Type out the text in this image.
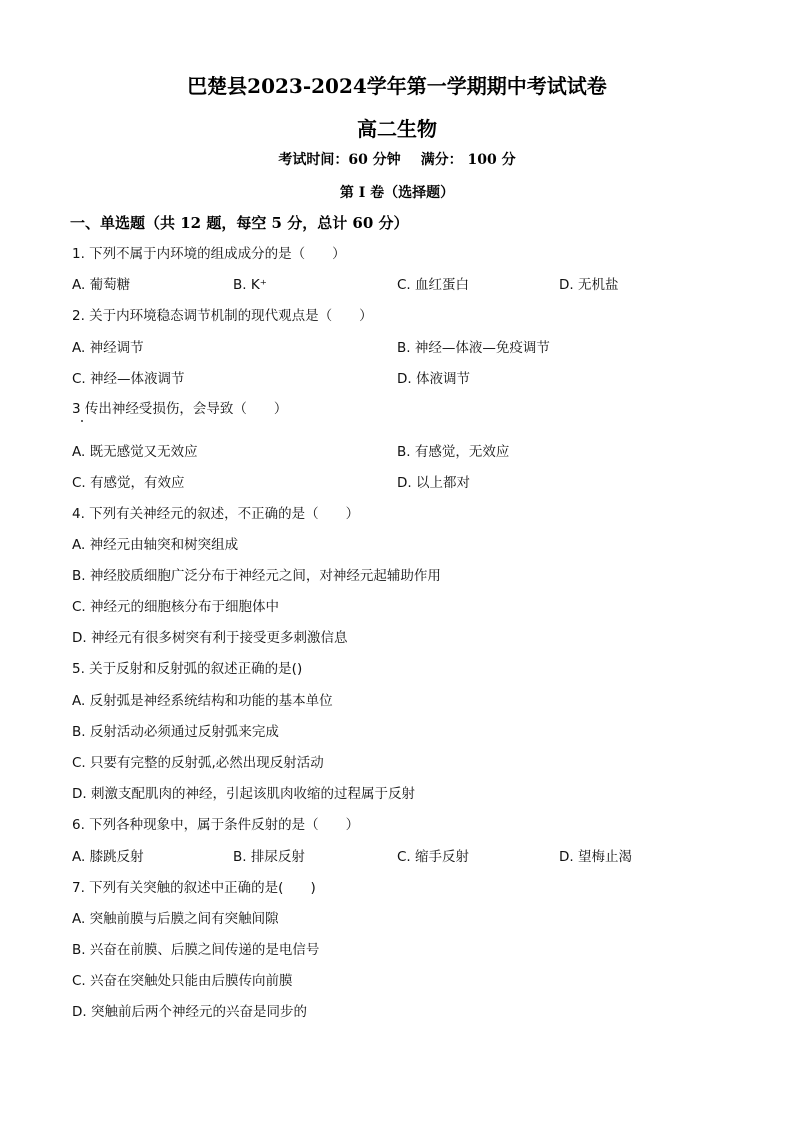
巴楚县2023-2024学年第一学期期中考试试卷
高二生物
考试时间：60 分钟 满分： 100 分
第 I 卷（选择题）
一、单选题（共 12 题，每空 5 分，总计 60 分）
1. 下列不属于内环境的组成成分的是（　　）
A. 葡萄糖	B. K⁺	C. 血红蛋白	D. 无机盐
2. 关于内环境稳态调节机制的现代观点是（　　）
A. 神经调节	B. 神经—体液—免疫调节
C. 神经—体液调节	D. 体液调节
3 传出神经受损伤，会导致（　　）
A. 既无感觉又无效应	B. 有感觉，无效应
C. 有感觉，有效应	D. 以上都对
4. 下列有关神经元的叙述，不正确的是（　　）
A. 神经元由轴突和树突组成
B. 神经胶质细胞广泛分布于神经元之间，对神经元起辅助作用
C. 神经元的细胞核分布于细胞体中
D. 神经元有很多树突有利于接受更多刺激信息
5. 关于反射和反射弧的叙述正确的是()
A. 反射弧是神经系统结构和功能的基本单位
B. 反射活动必须通过反射弧来完成
C. 只要有完整的反射弧,必然出现反射活动
D. 刺激支配肌肉的神经，引起该肌肉收缩的过程属于反射
6. 下列各种现象中，属于条件反射的是（　　）
A. 膝跳反射	B. 排尿反射	C. 缩手反射	D. 望梅止渴
7. 下列有关突触的叙述中正确的是(　　)
A. 突触前膜与后膜之间有突触间隙
B. 兴奋在前膜、后膜之间传递的是电信号
C. 兴奋在突触处只能由后膜传向前膜
D. 突触前后两个神经元的兴奋是同步的
